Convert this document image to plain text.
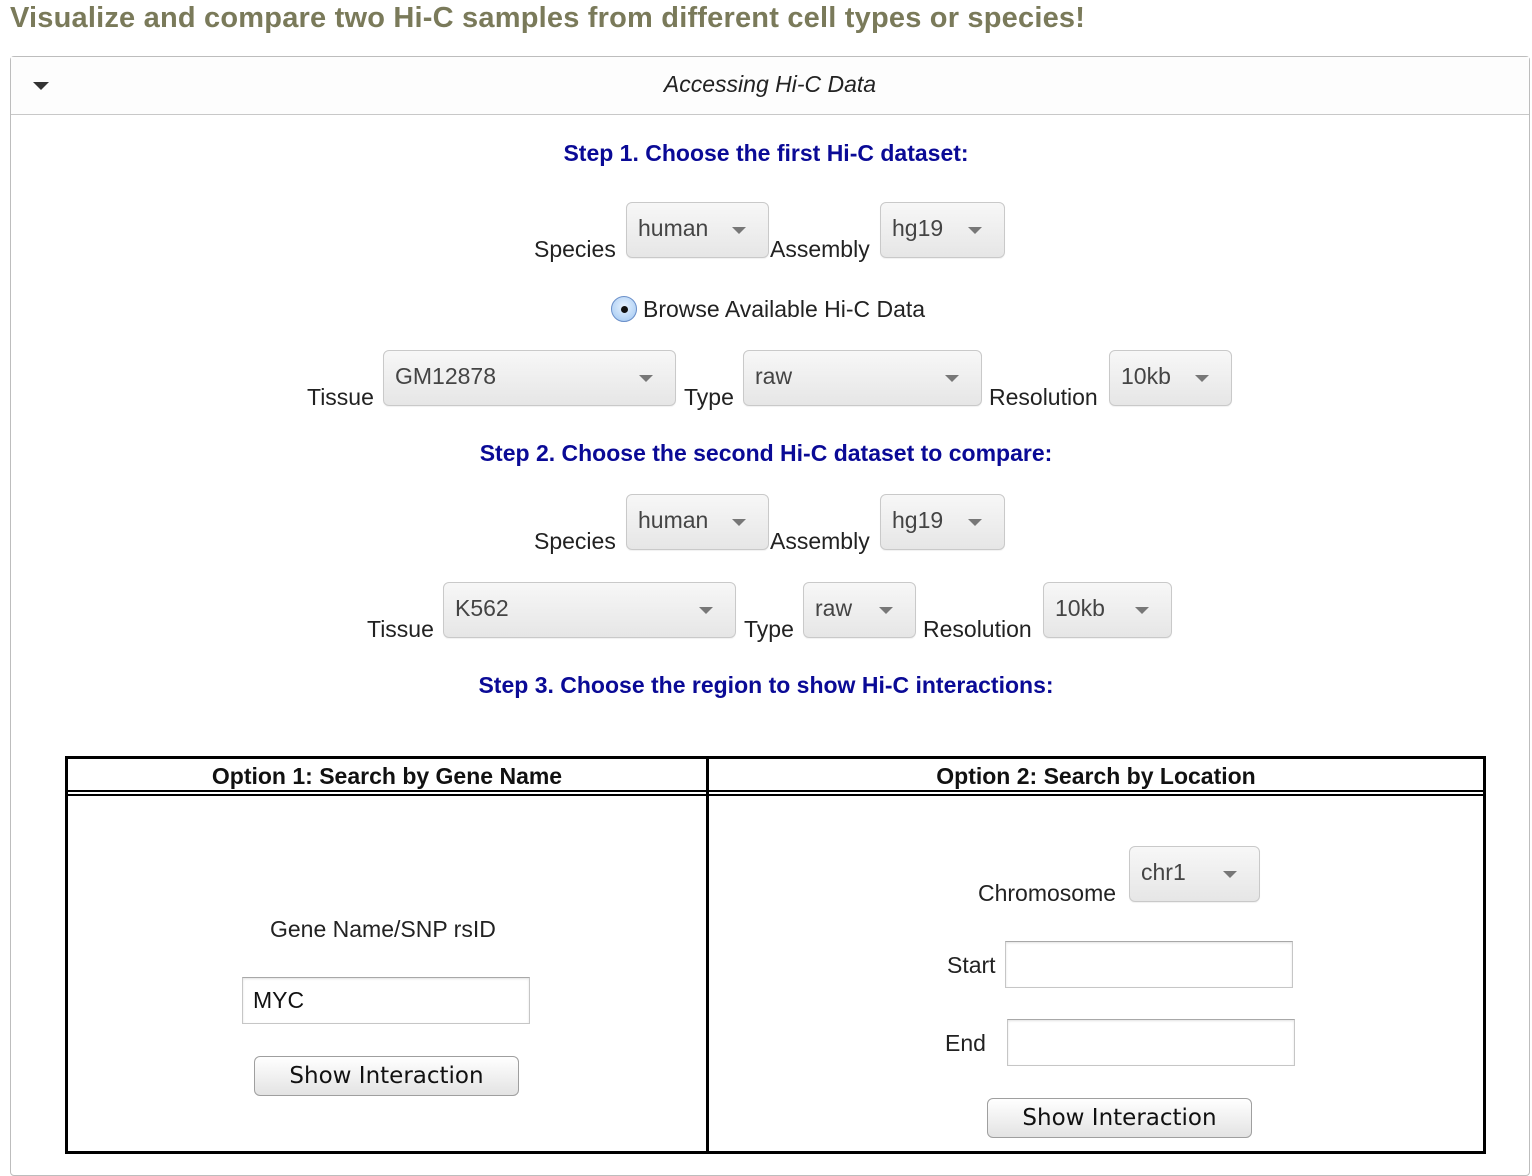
Visualize and compare two Hi-C samples from different cell types or species!
Accessing Hi-C Data
Step 1. Choose the first Hi-C dataset:
Species
human
Assembly
hg19
Browse Available Hi-C Data
Tissue
GM12878
Type
raw
Resolution
10kb
Step 2. Choose the second Hi-C dataset to compare:
Species
human
Assembly
hg19
Tissue
K562
Type
raw
Resolution
10kb
Step 3. Choose the region to show Hi-C interactions:
Option 1: Search by Gene Name	Option 2: Search by Location
Gene Name/SNP rsID
MYC
Show Interaction
Chromosome
chr1
Start
End
Show Interaction
